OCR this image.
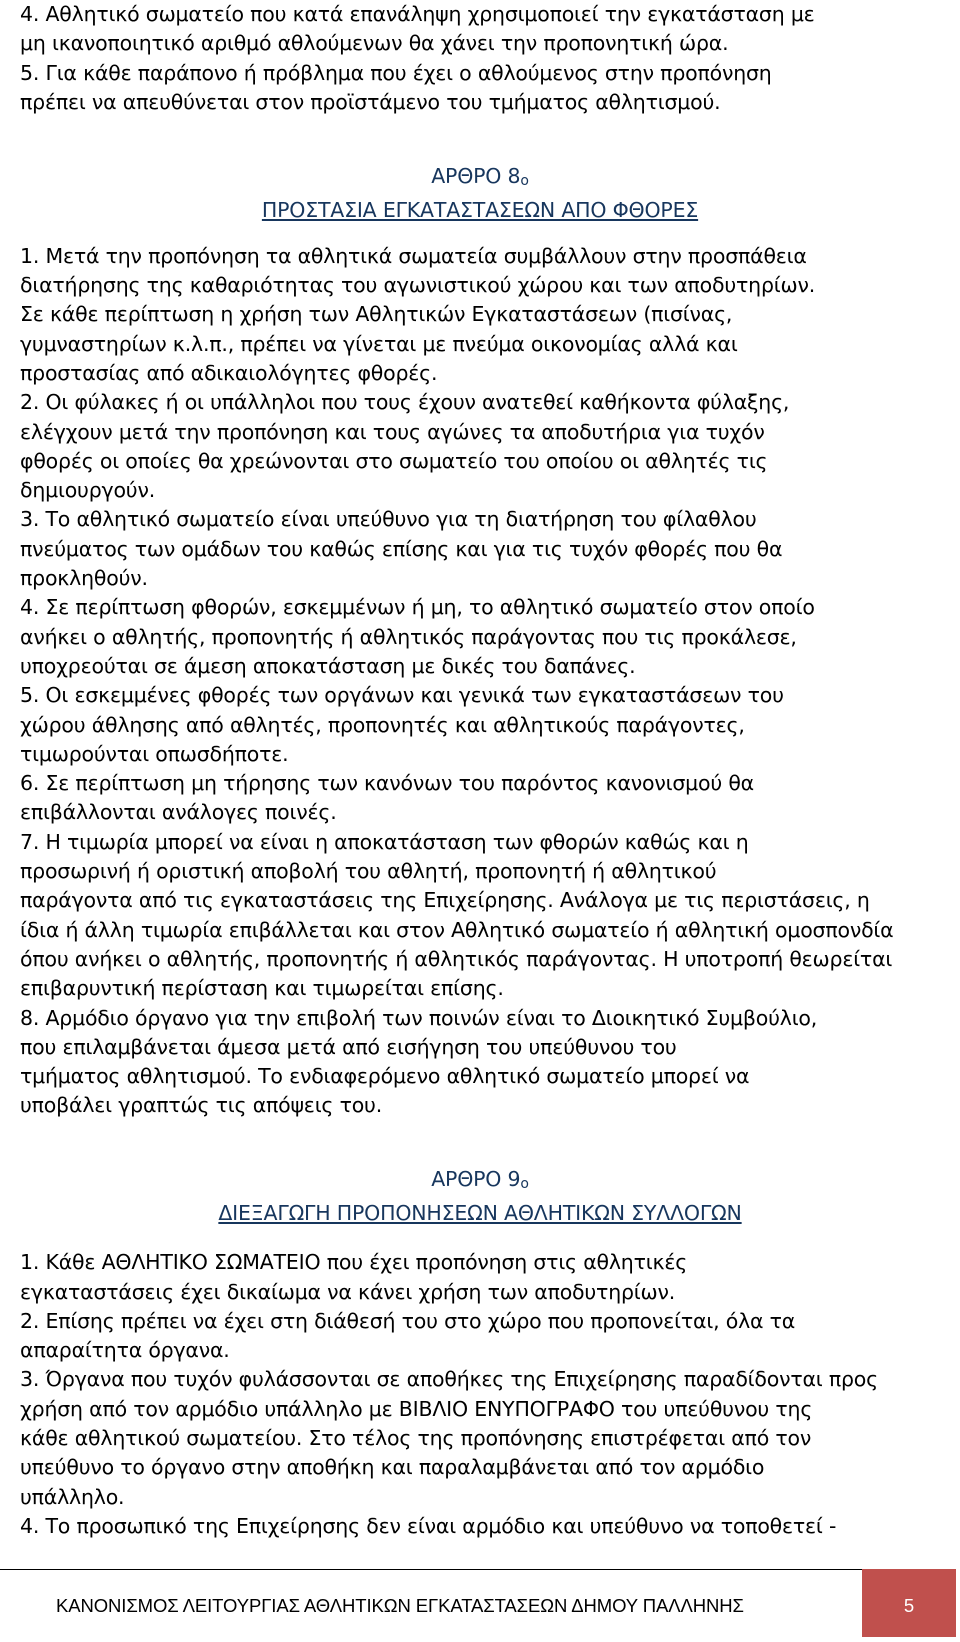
4. Αθλητικό σωματείο που κατά επανάληψη χρησιμοποιεί την εγκατάσταση με

μη ικανοποιητικό αριθμό αθλούμενων θα χάνει την προπονητική ώρα.

5. Για κάθε παράπονο ή πρόβλημα που έχει ο αθλούμενος στην προπόνηση

πρέπει να απευθύνεται στον προϊστάμενο του τμήματος αθλητισμού.

ΑΡΘΡΟ 8ο
ΠΡΟΣΤΑΣΙΑ ΕΓΚΑΤΑΣΤΑΣΕΩΝ ΑΠΟ ΦΘΟΡΕΣ

1. Μετά την προπόνηση τα αθλητικά σωματεία συμβάλλουν στην προσπάθεια

διατήρησης της καθαριότητας του αγωνιστικού χώρου και των αποδυτηρίων.

Σε κάθε περίπτωση η χρήση των Αθλητικών Εγκαταστάσεων (πισίνας,

γυμναστηρίων κ.λ.π., πρέπει να γίνεται με πνεύμα οικονομίας αλλά και

προστασίας από αδικαιολόγητες φθορές.

2. Οι φύλακες ή οι υπάλληλοι που τους έχουν ανατεθεί καθήκοντα φύλαξης,

ελέγχουν μετά την προπόνηση και τους αγώνες τα αποδυτήρια για τυχόν

φθορές οι οποίες θα χρεώνονται στο σωματείο του οποίου οι αθλητές τις

δημιουργούν.

3. Το αθλητικό σωματείο είναι υπεύθυνο για τη διατήρηση του φίλαθλου

πνεύματος των ομάδων του καθώς επίσης και για τις τυχόν φθορές που θα

προκληθούν.

4. Σε περίπτωση φθορών, εσκεμμένων ή μη, το αθλητικό σωματείο στον οποίο

ανήκει ο αθλητής, προπονητής ή αθλητικός παράγοντας που τις προκάλεσε,

υποχρεούται σε άμεση αποκατάσταση με δικές του δαπάνες.

5. Οι εσκεμμένες φθορές των οργάνων και γενικά των εγκαταστάσεων του

χώρου άθλησης από αθλητές, προπονητές και αθλητικούς παράγοντες,

τιμωρούνται οπωσδήποτε.

6. Σε περίπτωση μη τήρησης των κανόνων του παρόντος κανονισμού θα

επιβάλλονται ανάλογες ποινές.

7. Η τιμωρία μπορεί να είναι η αποκατάσταση των φθορών καθώς και η

προσωρινή ή οριστική αποβολή του αθλητή, προπονητή ή αθλητικού

παράγοντα από τις εγκαταστάσεις της Επιχείρησης. Ανάλογα με τις περιστάσεις, η

ίδια ή άλλη τιμωρία επιβάλλεται και στον Αθλητικό σωματείο ή αθλητική ομοσπονδία

όπου ανήκει ο αθλητής, προπονητής ή αθλητικός παράγοντας. Η υποτροπή θεωρείται

επιβαρυντική περίσταση και τιμωρείται επίσης.

8. Αρμόδιο όργανο για την επιβολή των ποινών είναι το Διοικητικό Συμβούλιο,

που επιλαμβάνεται άμεσα μετά από εισήγηση του υπεύθυνου του

τμήματος αθλητισμού. Το ενδιαφερόμενο αθλητικό σωματείο μπορεί να

υποβάλει γραπτώς τις απόψεις του.

ΑΡΘΡΟ 9ο
ΔΙΕΞΑΓΩΓΗ ΠΡΟΠΟΝΗΣΕΩΝ ΑΘΛΗΤΙΚΩΝ ΣΥΛΛΟΓΩΝ

1. Κάθε ΑΘΛΗΤΙΚΟ ΣΩΜΑΤΕΙΟ που έχει προπόνηση στις αθλητικές

εγκαταστάσεις έχει δικαίωμα να κάνει χρήση των αποδυτηρίων.

2. Επίσης πρέπει να έχει στη διάθεσή του στο χώρο που προπονείται, όλα τα

απαραίτητα όργανα.

3. Όργανα που τυχόν φυλάσσονται σε αποθήκες της Επιχείρησης παραδίδονται προς

χρήση από τον αρμόδιο υπάλληλο με ΒΙΒΛΙΟ ΕΝΥΠΟΓΡΑΦΟ του υπεύθυνου της

κάθε αθλητικού σωματείου. Στο τέλος της προπόνησης επιστρέφεται από τον

υπεύθυνο το όργανο στην αποθήκη και παραλαμβάνεται από τον αρμόδιο

υπάλληλο.

4. Το προσωπικό της Επιχείρησης δεν είναι αρμόδιο και υπεύθυνο να τοποθετεί -

ΚΑΝΟΝΙΣΜΟΣ ΛΕΙΤΟΥΡΓΙΑΣ ΑΘΛΗΤΙΚΩΝ ΕΓΚΑΤΑΣΤΑΣΕΩΝ ΔΗΜΟΥ ΠΑΛΛΗΝΗΣ	5
